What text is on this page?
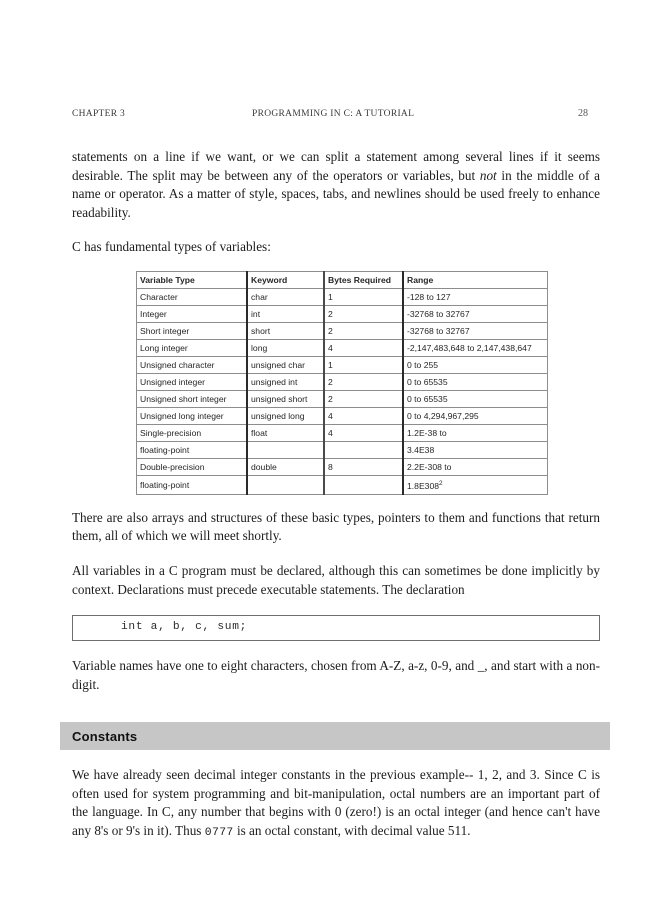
CHAPTER 3	PROGRAMMING IN C: A TUTORIAL	28

statements on a line if we want, or we can split a statement among several lines if it seems desirable. The split may be between any of the operators or variables, but not in the middle of a name or operator. As a matter of style, spaces, tabs, and newlines should be used freely to enhance readability.

C has fundamental types of variables:

Variable Type	Keyword	Bytes Required	Range
Character	char	1	-128 to 127
Integer	int	2	-32768 to 32767
Short integer	short	2	-32768 to 32767
Long integer	long	4	-2,147,483,648 to 2,147,438,647
Unsigned character	unsigned char	1	0 to 255
Unsigned integer	unsigned int	2	0 to 65535
Unsigned short integer	unsigned short	2	0 to 65535
Unsigned long integer	unsigned long	4	0 to 4,294,967,295
Single-precision	float	4	1.2E-38 to
floating-point			3.4E38
Double-precision	double	8	2.2E-308 to
floating-point			1.8E308$^2$

There are also arrays and structures of these basic types, pointers to them and functions that return them, all of which we will meet shortly.

All variables in a C program must be declared, although this can sometimes be done implicitly by context. Declarations must precede executable statements. The declaration

int a, b, c, sum;

Variable names have one to eight characters, chosen from A-Z, a-z, 0-9, and _, and start with a non-digit.

Constants

We have already seen decimal integer constants in the previous example-- 1, 2, and 3. Since C is often used for system programming and bit-manipulation, octal numbers are an important part of the language. In C, any number that begins with 0 (zero!) is an octal integer (and hence can't have any 8's or 9's in it). Thus 0777 is an octal constant, with decimal value 511.
